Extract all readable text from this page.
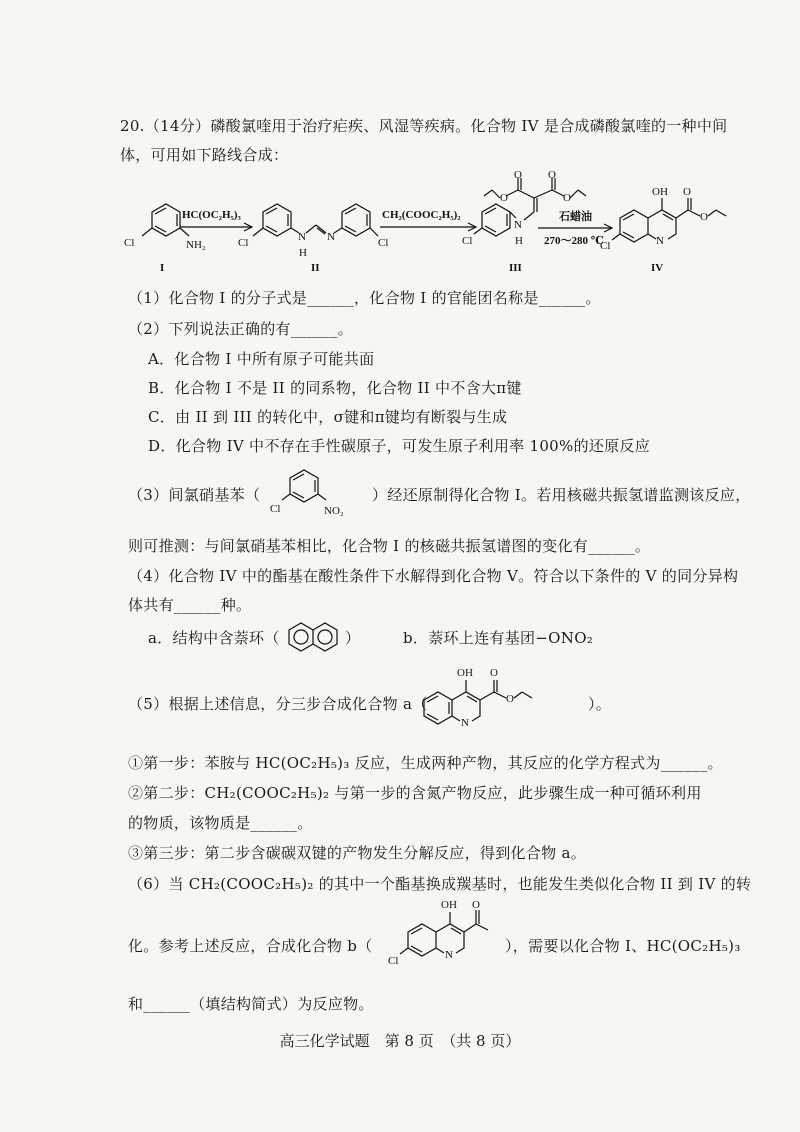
20.（14分）磷酸氯喹用于治疗疟疾、风湿等疾病。化合物 IV 是合成磷酸氯喹的一种中间
体，可用如下路线合成：
Cl	NH₂
I
HC(OC₂H₅)₃
Cl	N
H
N	Cl
II
CH₂(COOC₂H₅)₂
Cl
N
H
O
O
O
O
III
石蜡油
270～280 ℃
OH O
O
N
Cl
IV
（1）化合物 I 的分子式是______，化合物 I 的官能团名称是______。
（2）下列说法正确的有______。
A．化合物 I 中所有原子可能共面
B．化合物 I 不是 II 的同系物，化合物 II 中不含大π键
C．由 II 到 III 的转化中，σ键和π键均有断裂与生成
D．化合物 IV 中不存在手性碳原子，可发生原子利用率 100%的还原反应
（3）间氯硝基苯（
Cl	NO₂
）经还原制得化合物 I。若用核磁共振氢谱监测该反应，
则可推测：与间氯硝基苯相比，化合物 I 的核磁共振氢谱图的变化有______。
（4）化合物 IV 中的酯基在酸性条件下水解得到化合物 V。符合以下条件的 V 的同分异构
体共有______种。
a．结构中含萘环（	）	b．萘环上连有基团−ONO₂
（5）根据上述信息，分三步合成化合物 a（
OH O
O
N
）。
①第一步：苯胺与 HC(OC₂H₅)₃ 反应，生成两种产物，其反应的化学方程式为______。
②第二步：CH₂(COOC₂H₅)₂ 与第一步的含氮产物反应，此步骤生成一种可循环利用
的物质，该物质是______。
③第三步：第二步含碳碳双键的产物发生分解反应，得到化合物 a。
（6）当 CH₂(COOC₂H₅)₂ 的其中一个酯基换成羰基时，也能发生类似化合物 II 到 IV 的转
化。参考上述反应，合成化合物 b（
OH O
N
Cl
），需要以化合物 I、HC(OC₂H₅)₃
和______（填结构简式）为反应物。
高三化学试题　第 8 页　（共 8 页）
